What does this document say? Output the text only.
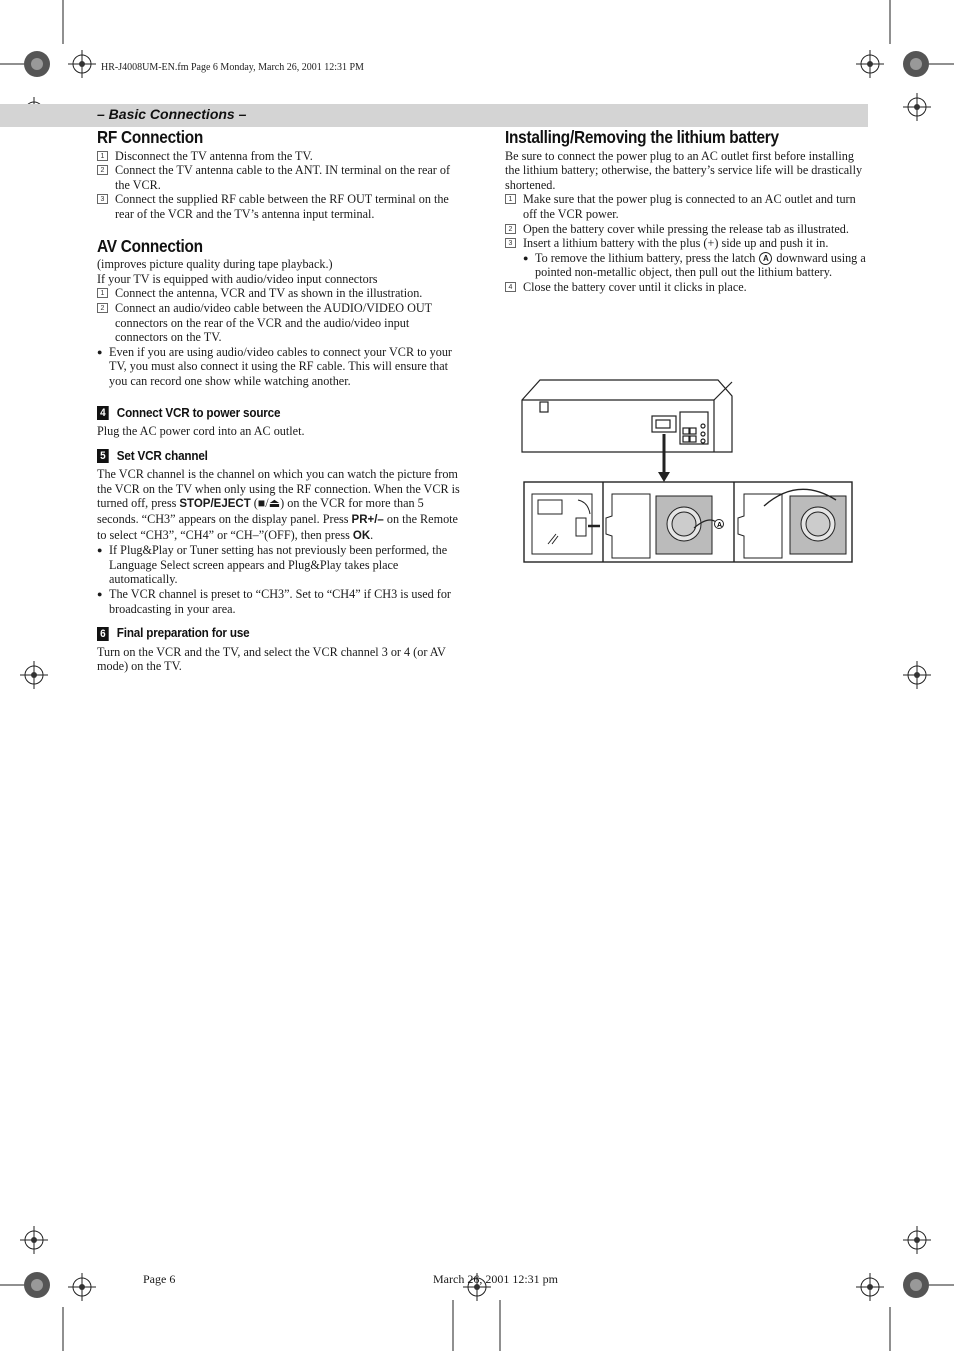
HR-J4008UM-EN.fm Page 6 Monday, March 26, 2001 12:31 PM
– Basic Connections –
RF Connection
1 Disconnect the TV antenna from the TV.
2 Connect the TV antenna cable to the ANT. IN terminal on the rear of the VCR.
3 Connect the supplied RF cable between the RF OUT terminal on the rear of the VCR and the TV’s antenna input terminal.
AV Connection

(improves picture quality during tape playback.)

If your TV is equipped with audio/video input connectors

1 Connect the antenna, VCR and TV as shown in the illustration.
2 Connect an audio/video cable between the AUDIO/VIDEO OUT connectors on the rear of the VCR and the audio/video input connectors on the TV.
● Even if you are using audio/video cables to connect your VCR to your TV, you must also connect it using the RF cable. This will ensure that you can record one show while watching another.
4 Connect VCR to power source

Plug the AC power cord into an AC outlet.

5 Set VCR channel

The VCR channel is the channel on which you can watch the picture from the VCR on the TV when only using the RF connection. When the VCR is turned off, press STOP/EJECT (■/⏏) on the VCR for more than 5 seconds. “CH3” appears on the display panel. Press PR+/– on the Remote to select “CH3”, “CH4” or “CH–”(OFF), then press OK.

● If Plug&Play or Tuner setting has not previously been performed, the Language Select screen appears and Plug&Play takes place automatically.
● The VCR channel is preset to “CH3”. Set to “CH4” if CH3 is used for broadcasting in your area.
6 Final preparation for use

Turn on the VCR and the TV, and select the VCR channel 3 or 4 (or AV mode) on the TV.

Installing/Removing the lithium battery

Be sure to connect the power plug to an AC outlet first before installing the lithium battery; otherwise, the battery’s service life will be drastically shortened.

1 Make sure that the power plug is connected to an AC outlet and turn off the VCR power.
2 Open the battery cover while pressing the release tab as illustrated.
3 Insert a lithium battery with the plus (+) side up and push it in.
● To remove the lithium battery, press the latch A downward using a pointed non-metallic object, then pull out the lithium battery.
4 Close the battery cover until it clicks in place.
A
Page 6	March 26, 2001 12:31 pm
